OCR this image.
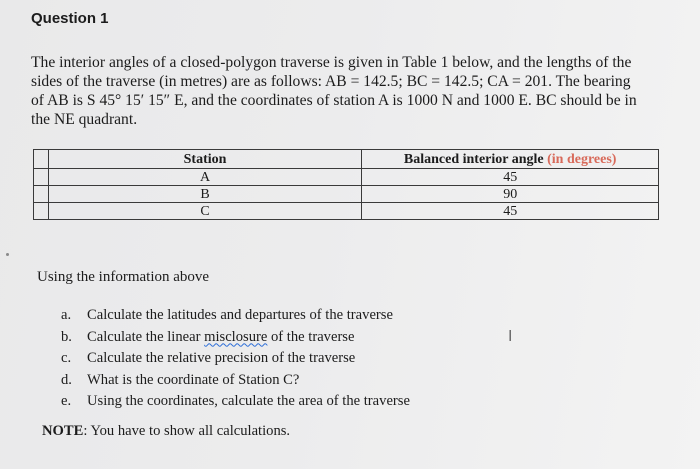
Question 1
The interior angles of a closed-polygon traverse is given in Table 1 below, and the lengths of the
sides of the traverse (in metres) are as follows: AB = 142.5; BC = 142.5; CA = 201. The bearing
of AB is S 45° 15′ 15″ E, and the coordinates of station A is 1000 N and 1000 E. BC should be in
the NE quadrant.
	Station	Balanced interior angle (in degrees)
	A	45
	B	90
	C	45
Using the information above
a. Calculate the latitudes and departures of the traverse
b. Calculate the linear misclosure of the traverse
c. Calculate the relative precision of the traverse
d. What is the coordinate of Station C?
e. Using the coordinates, calculate the area of the traverse
I
NOTE: You have to show all calculations.
